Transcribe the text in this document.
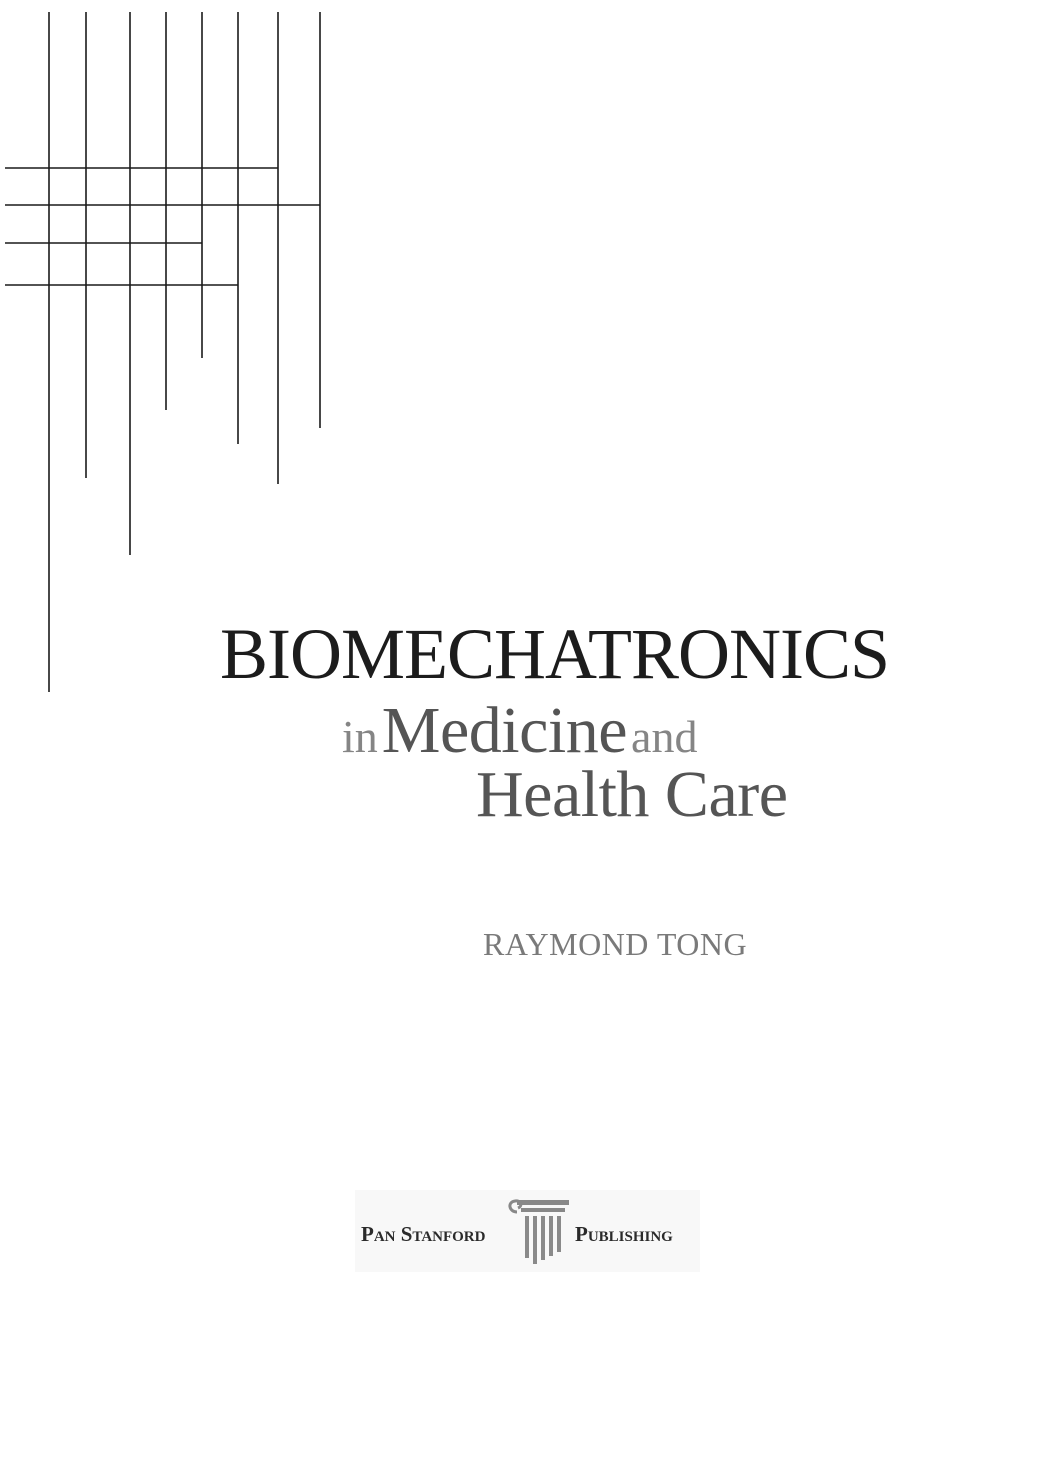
BIOMECHATRONICS
in Medicine and
Health Care
RAYMOND TONG
Pan Stanford	Publishing
